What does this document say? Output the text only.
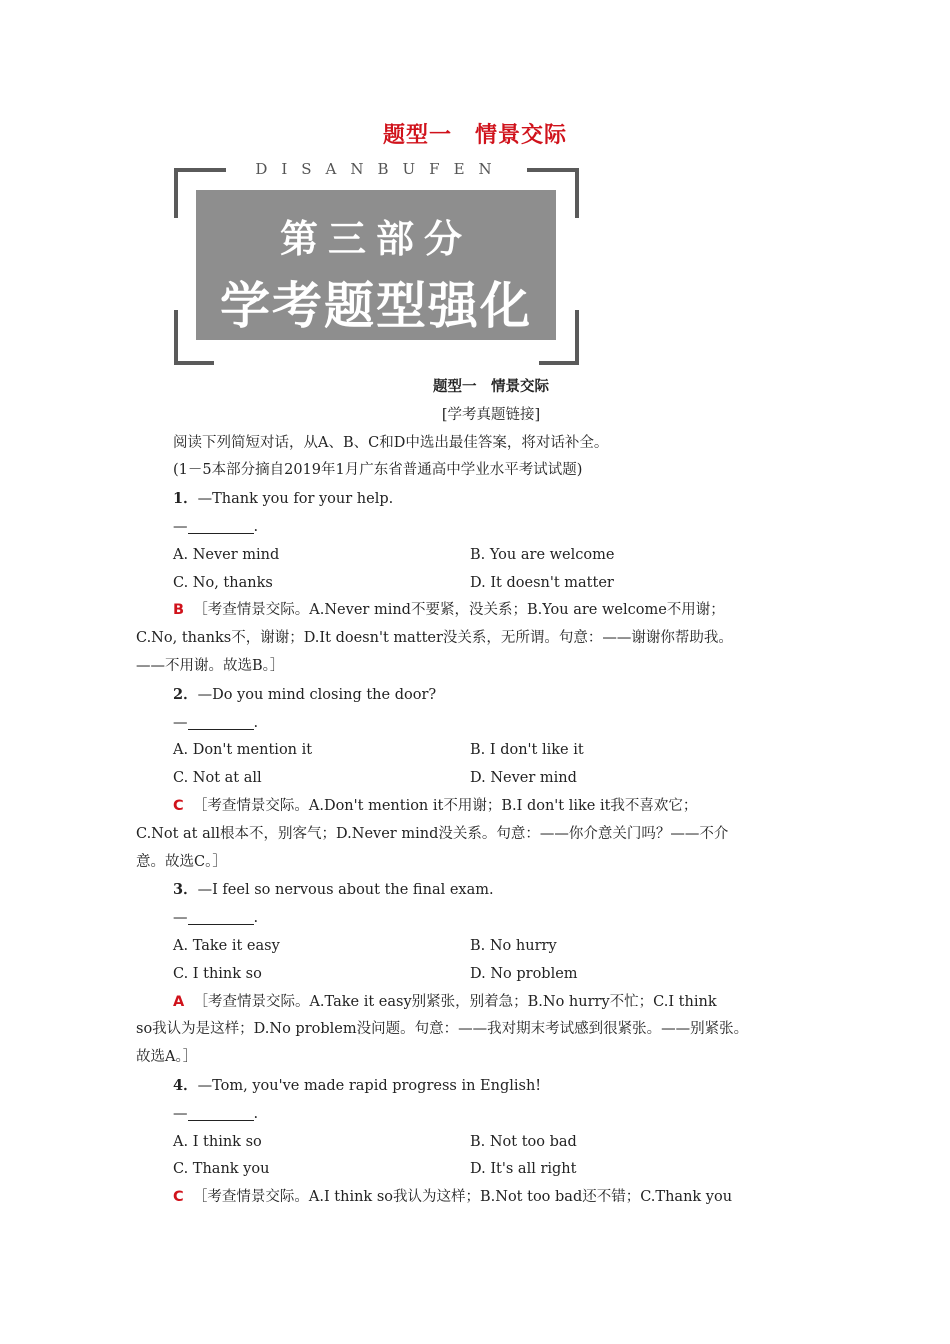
题型一　情景交际
DISANBUFEN
第三部分
学考题型强化

题型一　情景交际

[学考真题链接]

阅读下列简短对话，从A、B、C和D中选出最佳答案，将对话补全。

(1－5本部分摘自2019年1月广东省普通高中学业水平考试试题)

1．—Thank you for your help.

—	.

A. Never mind	B. You are welcome
C. No, thanks	D. It doesn't matter

B ［考查情景交际。A.Never mind不要紧，没关系；B.You are welcome不用谢；

C.No, thanks不，谢谢；D.It doesn't matter没关系，无所谓。句意：——谢谢你帮助我。

——不用谢。故选B。］

2．—Do you mind closing the door?

—	.

A. Don't mention it	B. I don't like it
C. Not at all	D. Never mind

C ［考查情景交际。A.Don't mention it不用谢；B.I don't like it我不喜欢它；

C.Not at all根本不，别客气；D.Never mind没关系。句意：——你介意关门吗？——不介

意。故选C。］

3．—I feel so nervous about the final exam.

—	.

A. Take it easy	B. No hurry
C. I think so	D. No problem

A ［考查情景交际。A.Take it easy别紧张，别着急；B.No hurry不忙；C.I think

so我认为是这样；D.No problem没问题。句意：——我对期末考试感到很紧张。——别紧张。

故选A。］

4．—Tom, you've made rapid progress in English!

—	.

A. I think so	B. Not too bad
C. Thank you	D. It's all right

C ［考查情景交际。A.I think so我认为这样；B.Not too bad还不错；C.Thank you
